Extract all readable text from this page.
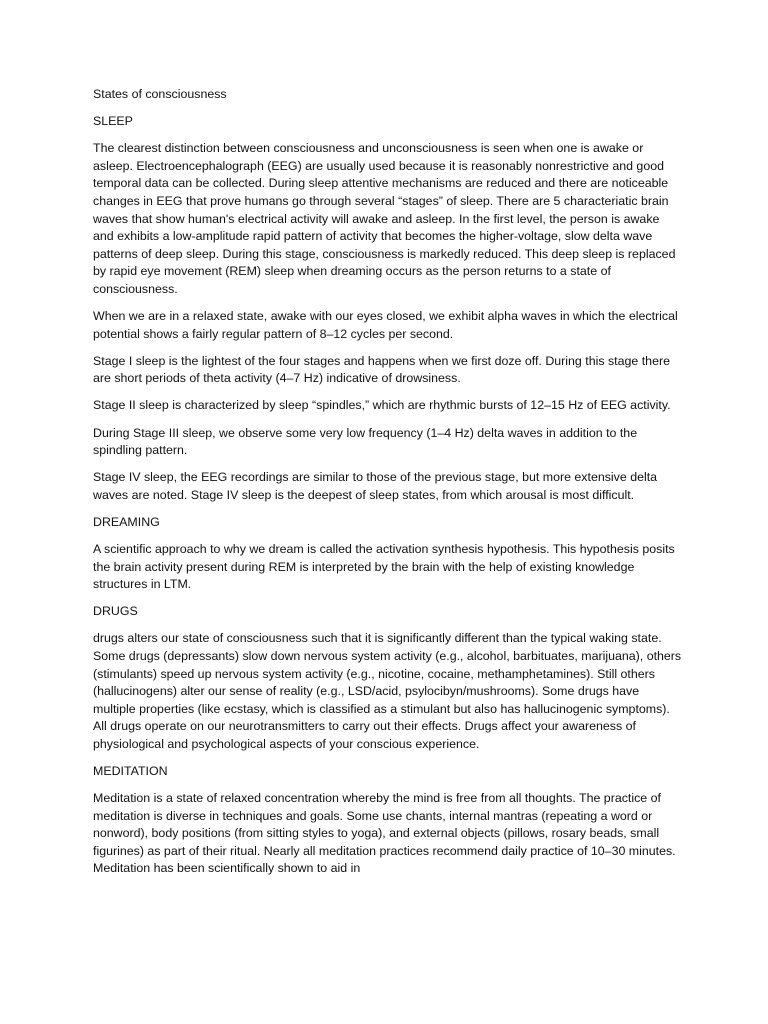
States of consciousness

SLEEP

The clearest distinction between consciousness and unconsciousness is seen when one is awake or asleep. Electroencephalograph (EEG) are usually used because it is reasonably nonrestrictive and good temporal data can be collected. During sleep attentive mechanisms are reduced and there are noticeable changes in EEG that prove humans go through several “stages” of sleep. There are 5 characteriatic brain waves that show human's electrical activity will awake and asleep. In the first level, the person is awake and exhibits a low-amplitude rapid pattern of activity that becomes the higher-voltage, slow delta wave patterns of deep sleep. During this stage, consciousness is markedly reduced. This deep sleep is replaced by rapid eye movement (REM) sleep when dreaming occurs as the person returns to a state of consciousness.

When we are in a relaxed state, awake with our eyes closed, we exhibit alpha waves in which the electrical potential shows a fairly regular pattern of 8–12 cycles per second.

Stage I sleep is the lightest of the four stages and happens when we first doze off. During this stage there are short periods of theta activity (4–7 Hz) indicative of drowsiness.

Stage II sleep is characterized by sleep “spindles,” which are rhythmic bursts of 12–15 Hz of EEG activity.

During Stage III sleep, we observe some very low frequency (1–4 Hz) delta waves in addition to the spindling pattern.

Stage IV sleep, the EEG recordings are similar to those of the previous stage, but more extensive delta waves are noted. Stage IV sleep is the deepest of sleep states, from which arousal is most difficult.

DREAMING

A scientific approach to why we dream is called the activation synthesis hypothesis. This hypothesis posits the brain activity present during REM is interpreted by the brain with the help of existing knowledge structures in LTM.

DRUGS

drugs alters our state of consciousness such that it is significantly different than the typical waking state. Some drugs (depressants) slow down nervous system activity (e.g., alcohol, barbituates, marijuana), others (stimulants) speed up nervous system activity (e.g., nicotine, cocaine, methamphetamines). Still others (hallucinogens) alter our sense of reality (e.g., LSD/acid, psylocibyn/mushrooms). Some drugs have multiple properties (like ecstasy, which is classified as a stimulant but also has hallucinogenic symptoms). All drugs operate on our neurotransmitters to carry out their effects. Drugs affect your awareness of physiological and psychological aspects of your conscious experience.

MEDITATION

Meditation is a state of relaxed concentration whereby the mind is free from all thoughts. The practice of meditation is diverse in techniques and goals. Some use chants, internal mantras (repeating a word or nonword), body positions (from sitting styles to yoga), and external objects (pillows, rosary beads, small figurines) as part of their ritual. Nearly all meditation practices recommend daily practice of 10–30 minutes. Meditation has been scientifically shown to aid in
